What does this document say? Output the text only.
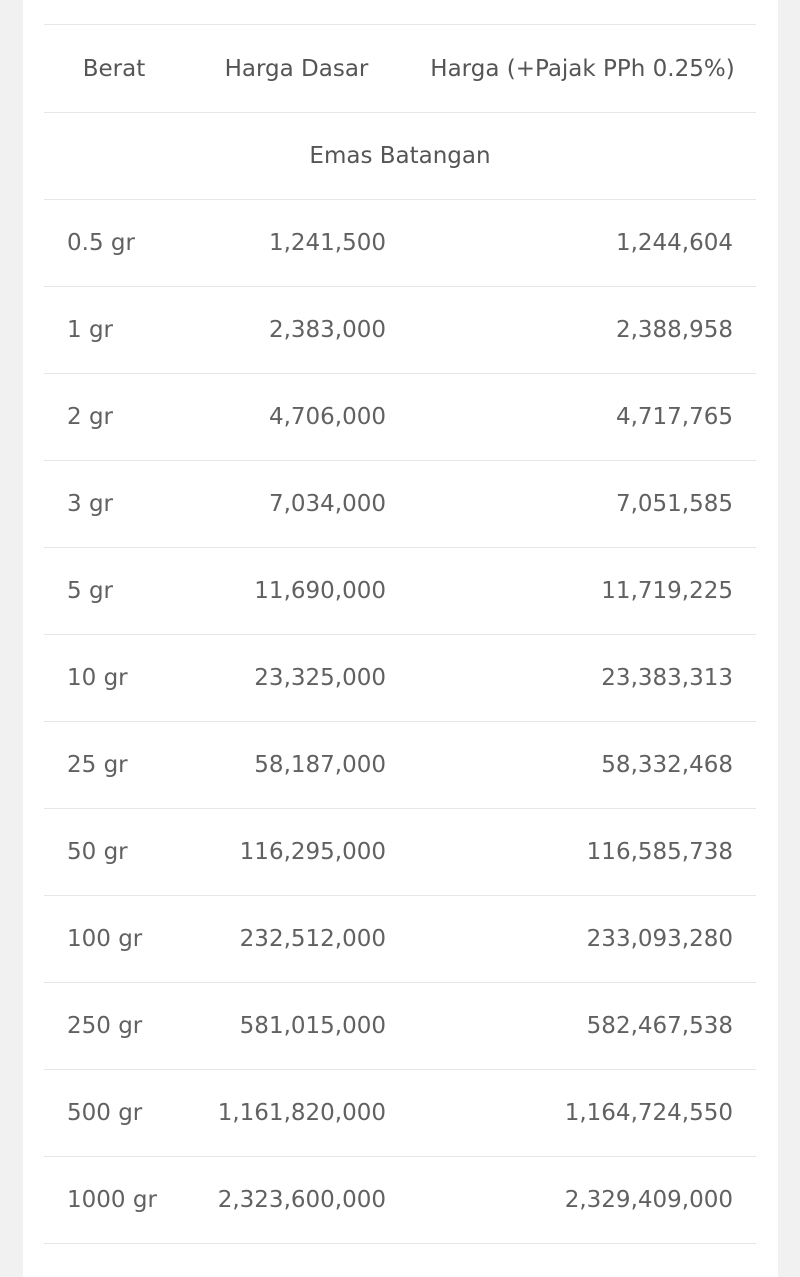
Berat	Harga Dasar	Harga (+Pajak PPh 0.25%)
Emas Batangan		
0.5 gr	1,241,500	1,244,604
1 gr	2,383,000	2,388,958
2 gr	4,706,000	4,717,765
3 gr	7,034,000	7,051,585
5 gr	11,690,000	11,719,225
10 gr	23,325,000	23,383,313
25 gr	58,187,000	58,332,468
50 gr	116,295,000	116,585,738
100 gr	232,512,000	233,093,280
250 gr	581,015,000	582,467,538
500 gr	1,161,820,000	1,164,724,550
1000 gr	2,323,600,000	2,329,409,000
